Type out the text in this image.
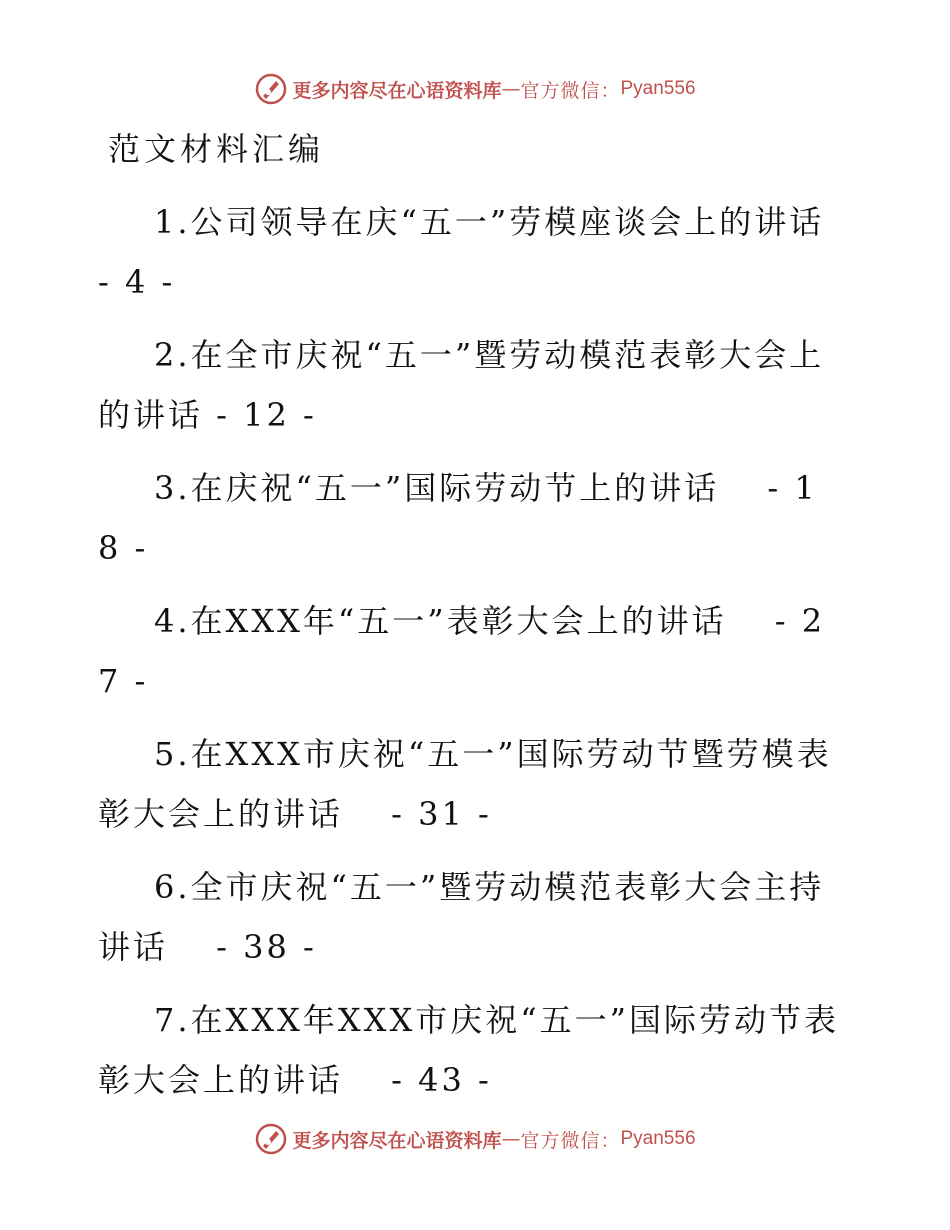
更多内容尽在心语资料库 — 官方微信： Pyan556
范文材料汇编

1.公司领导在庆“五一”劳模座谈会上的讲话 - 4 -

2.在全市庆祝“五一”暨劳动模范表彰大会上的讲话 - 12 -

3.在庆祝“五一”国际劳动节上的讲话　 - 18 -

4.在XXX年“五一”表彰大会上的讲话　 - 27 -

5.在XXX市庆祝“五一”国际劳动节暨劳模表彰大会上的讲话　 - 31 -

6.全市庆祝“五一”暨劳动模范表彰大会主持讲话　 - 38 -

7.在XXX年XXX市庆祝“五一”国际劳动节表彰大会上的讲话　 - 43 -

更多内容尽在心语资料库 — 官方微信： Pyan556
